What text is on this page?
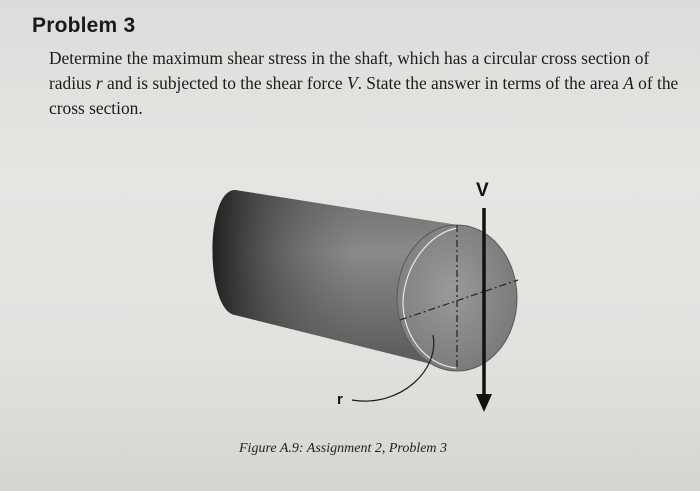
Problem 3

Determine the maximum shear stress in the shaft, which has a circular cross section of radius r and is subjected to the shear force V. State the answer in terms of the area A of the cross section.

V
r

Figure A.9: Assignment 2, Problem 3
